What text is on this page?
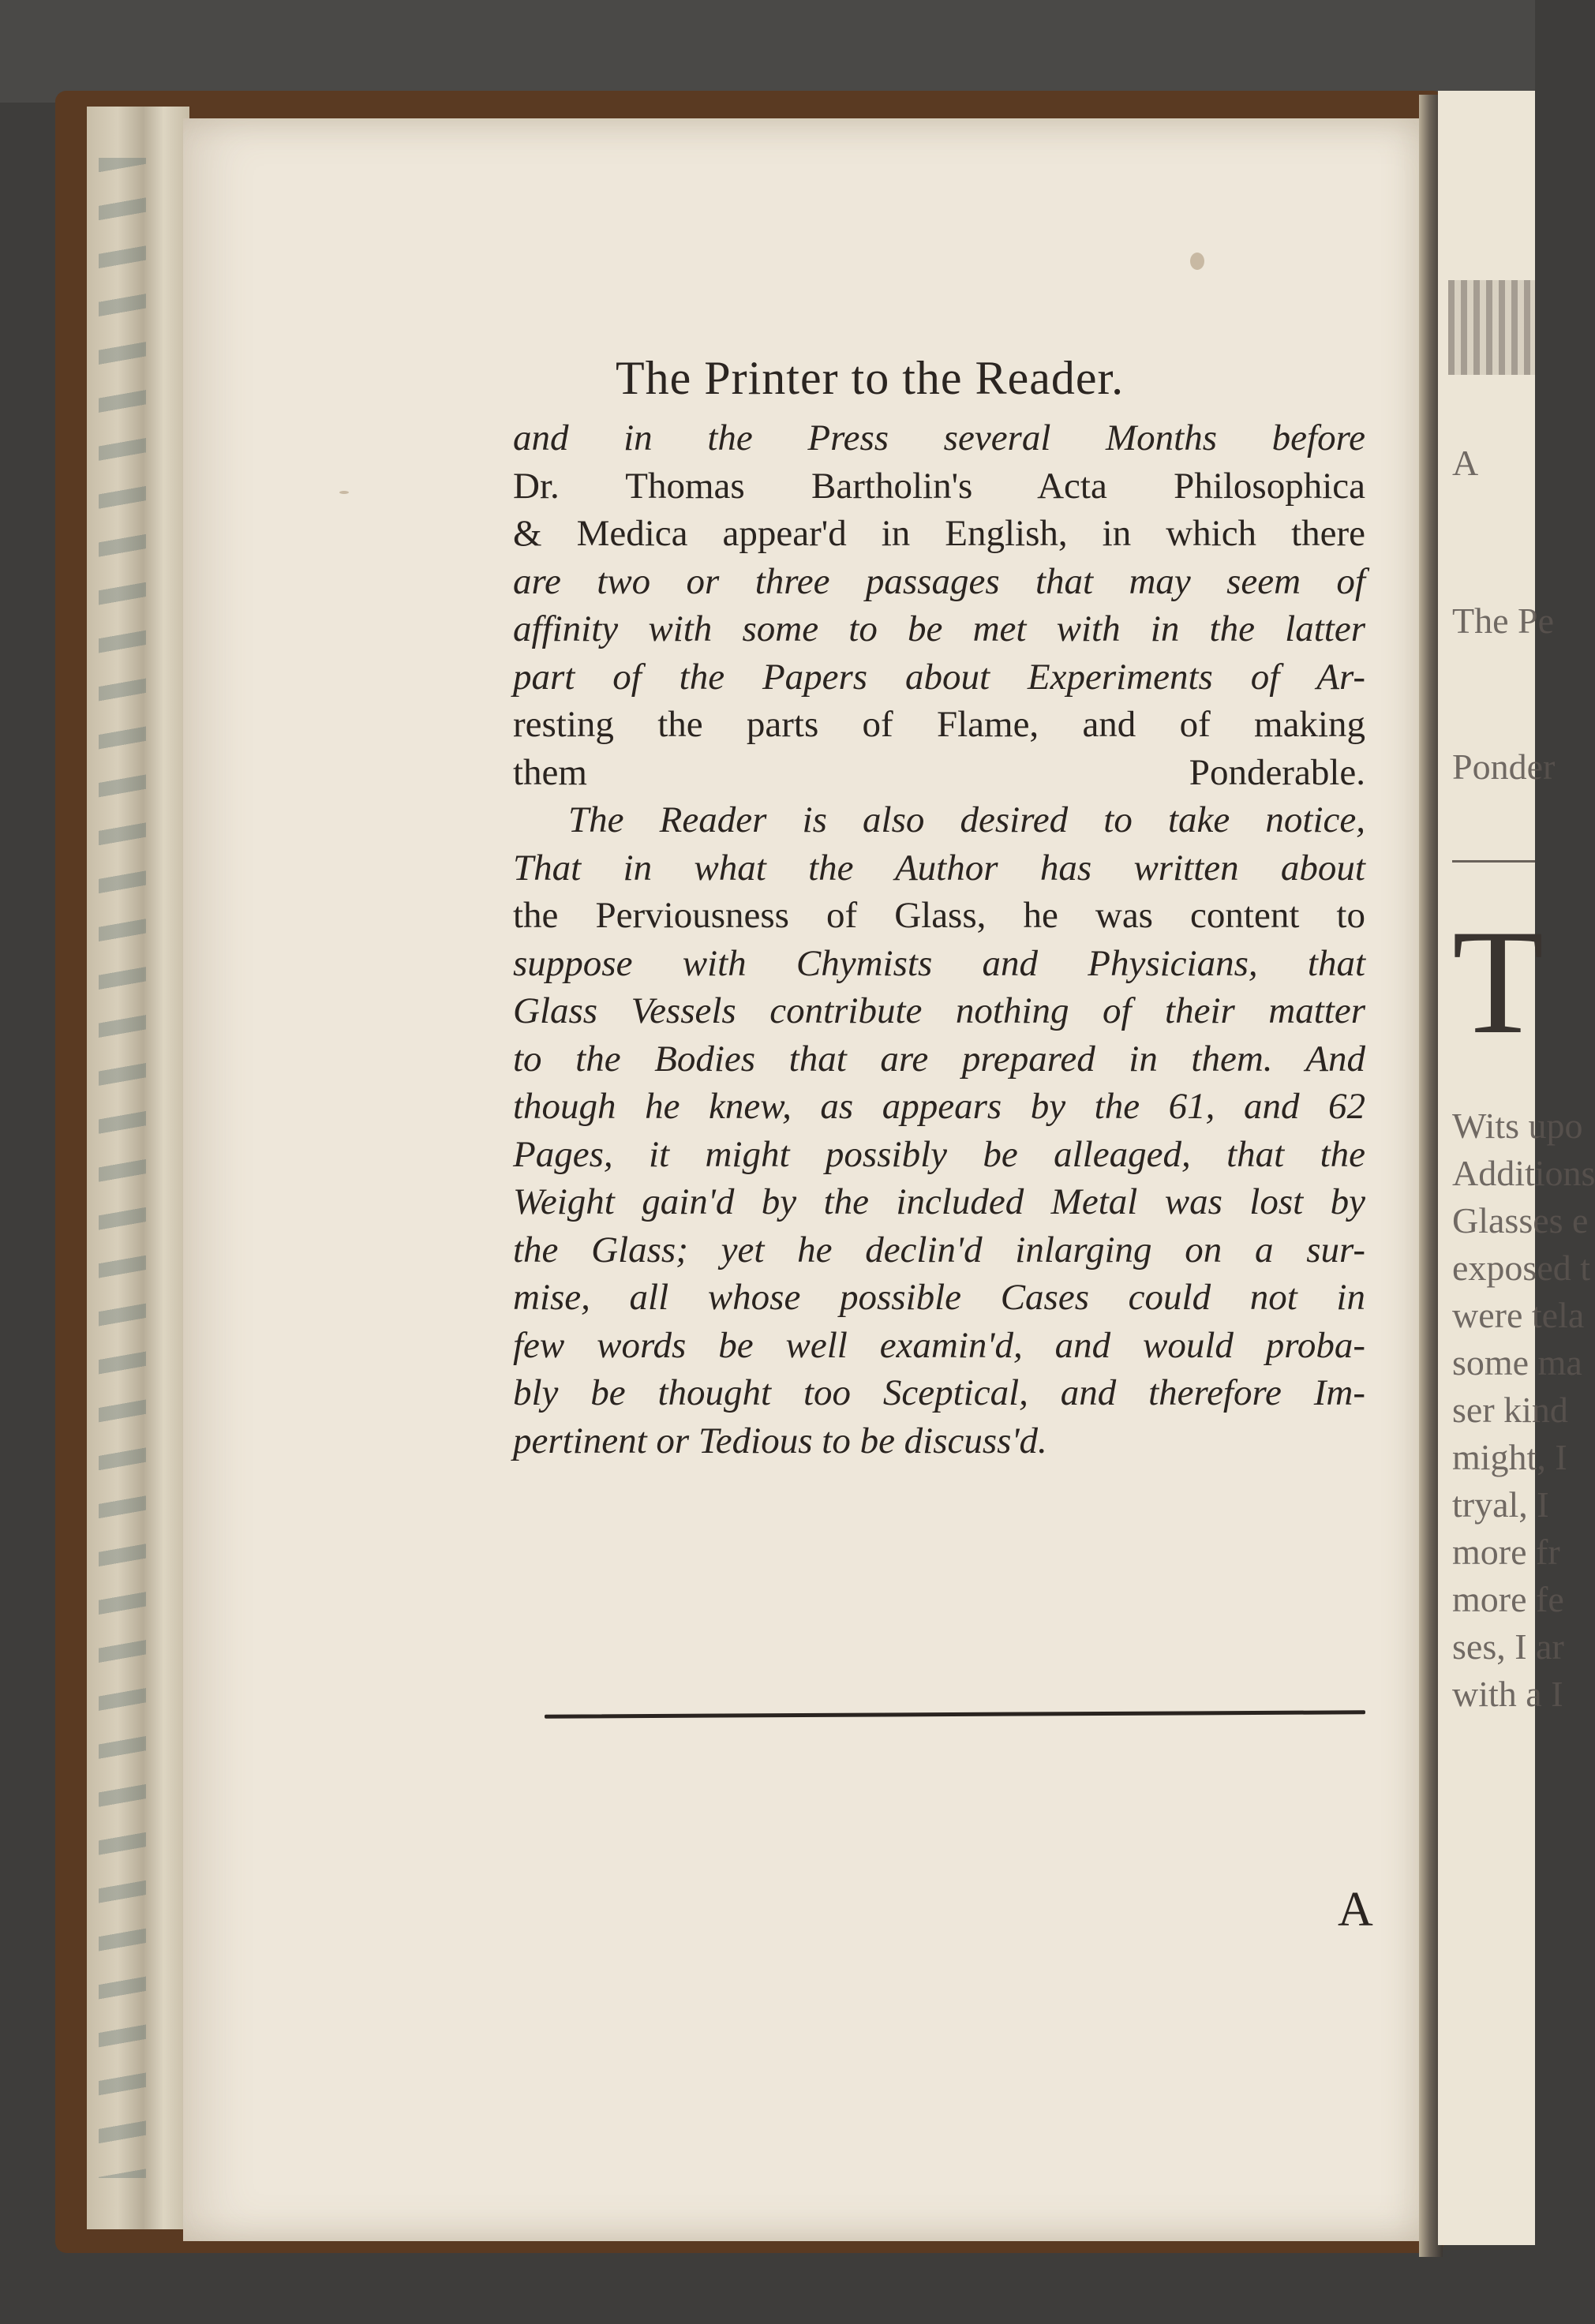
T
A
The Pe
Ponder
Wits upo
Additions
Glasses e
exposed t
were tela
some ma
ser kind
might, I
tryal, I
more fr
more fe
ses, I ar
with a I
The Printer to the Reader.
and in the Press several Months before
Dr. Thomas Bartholin's Acta Philosophica
& Medica appear'd in English, in which there
are two or three passages that may seem of
affinity with some to be met with in the latter
part of the Papers about Experiments of Ar-
resting the parts of Flame, and of making
them Ponderable.
The Reader is also desired to take notice,
That in what the Author has written about
the Perviousness of Glass, he was content to
suppose with Chymists and Physicians, that
Glass Vessels contribute nothing of their matter
to the Bodies that are prepared in them. And
though he knew, as appears by the 61, and 62
Pages, it might possibly be alleaged, that the
Weight gain'd by the included Metal was lost by
the Glass; yet he declin'd inlarging on a sur-
mise, all whose possible Cases could not in
few words be well examin'd, and would proba-
bly be thought too Sceptical, and therefore Im-
pertinent or Tedious to be discuss'd.
A
